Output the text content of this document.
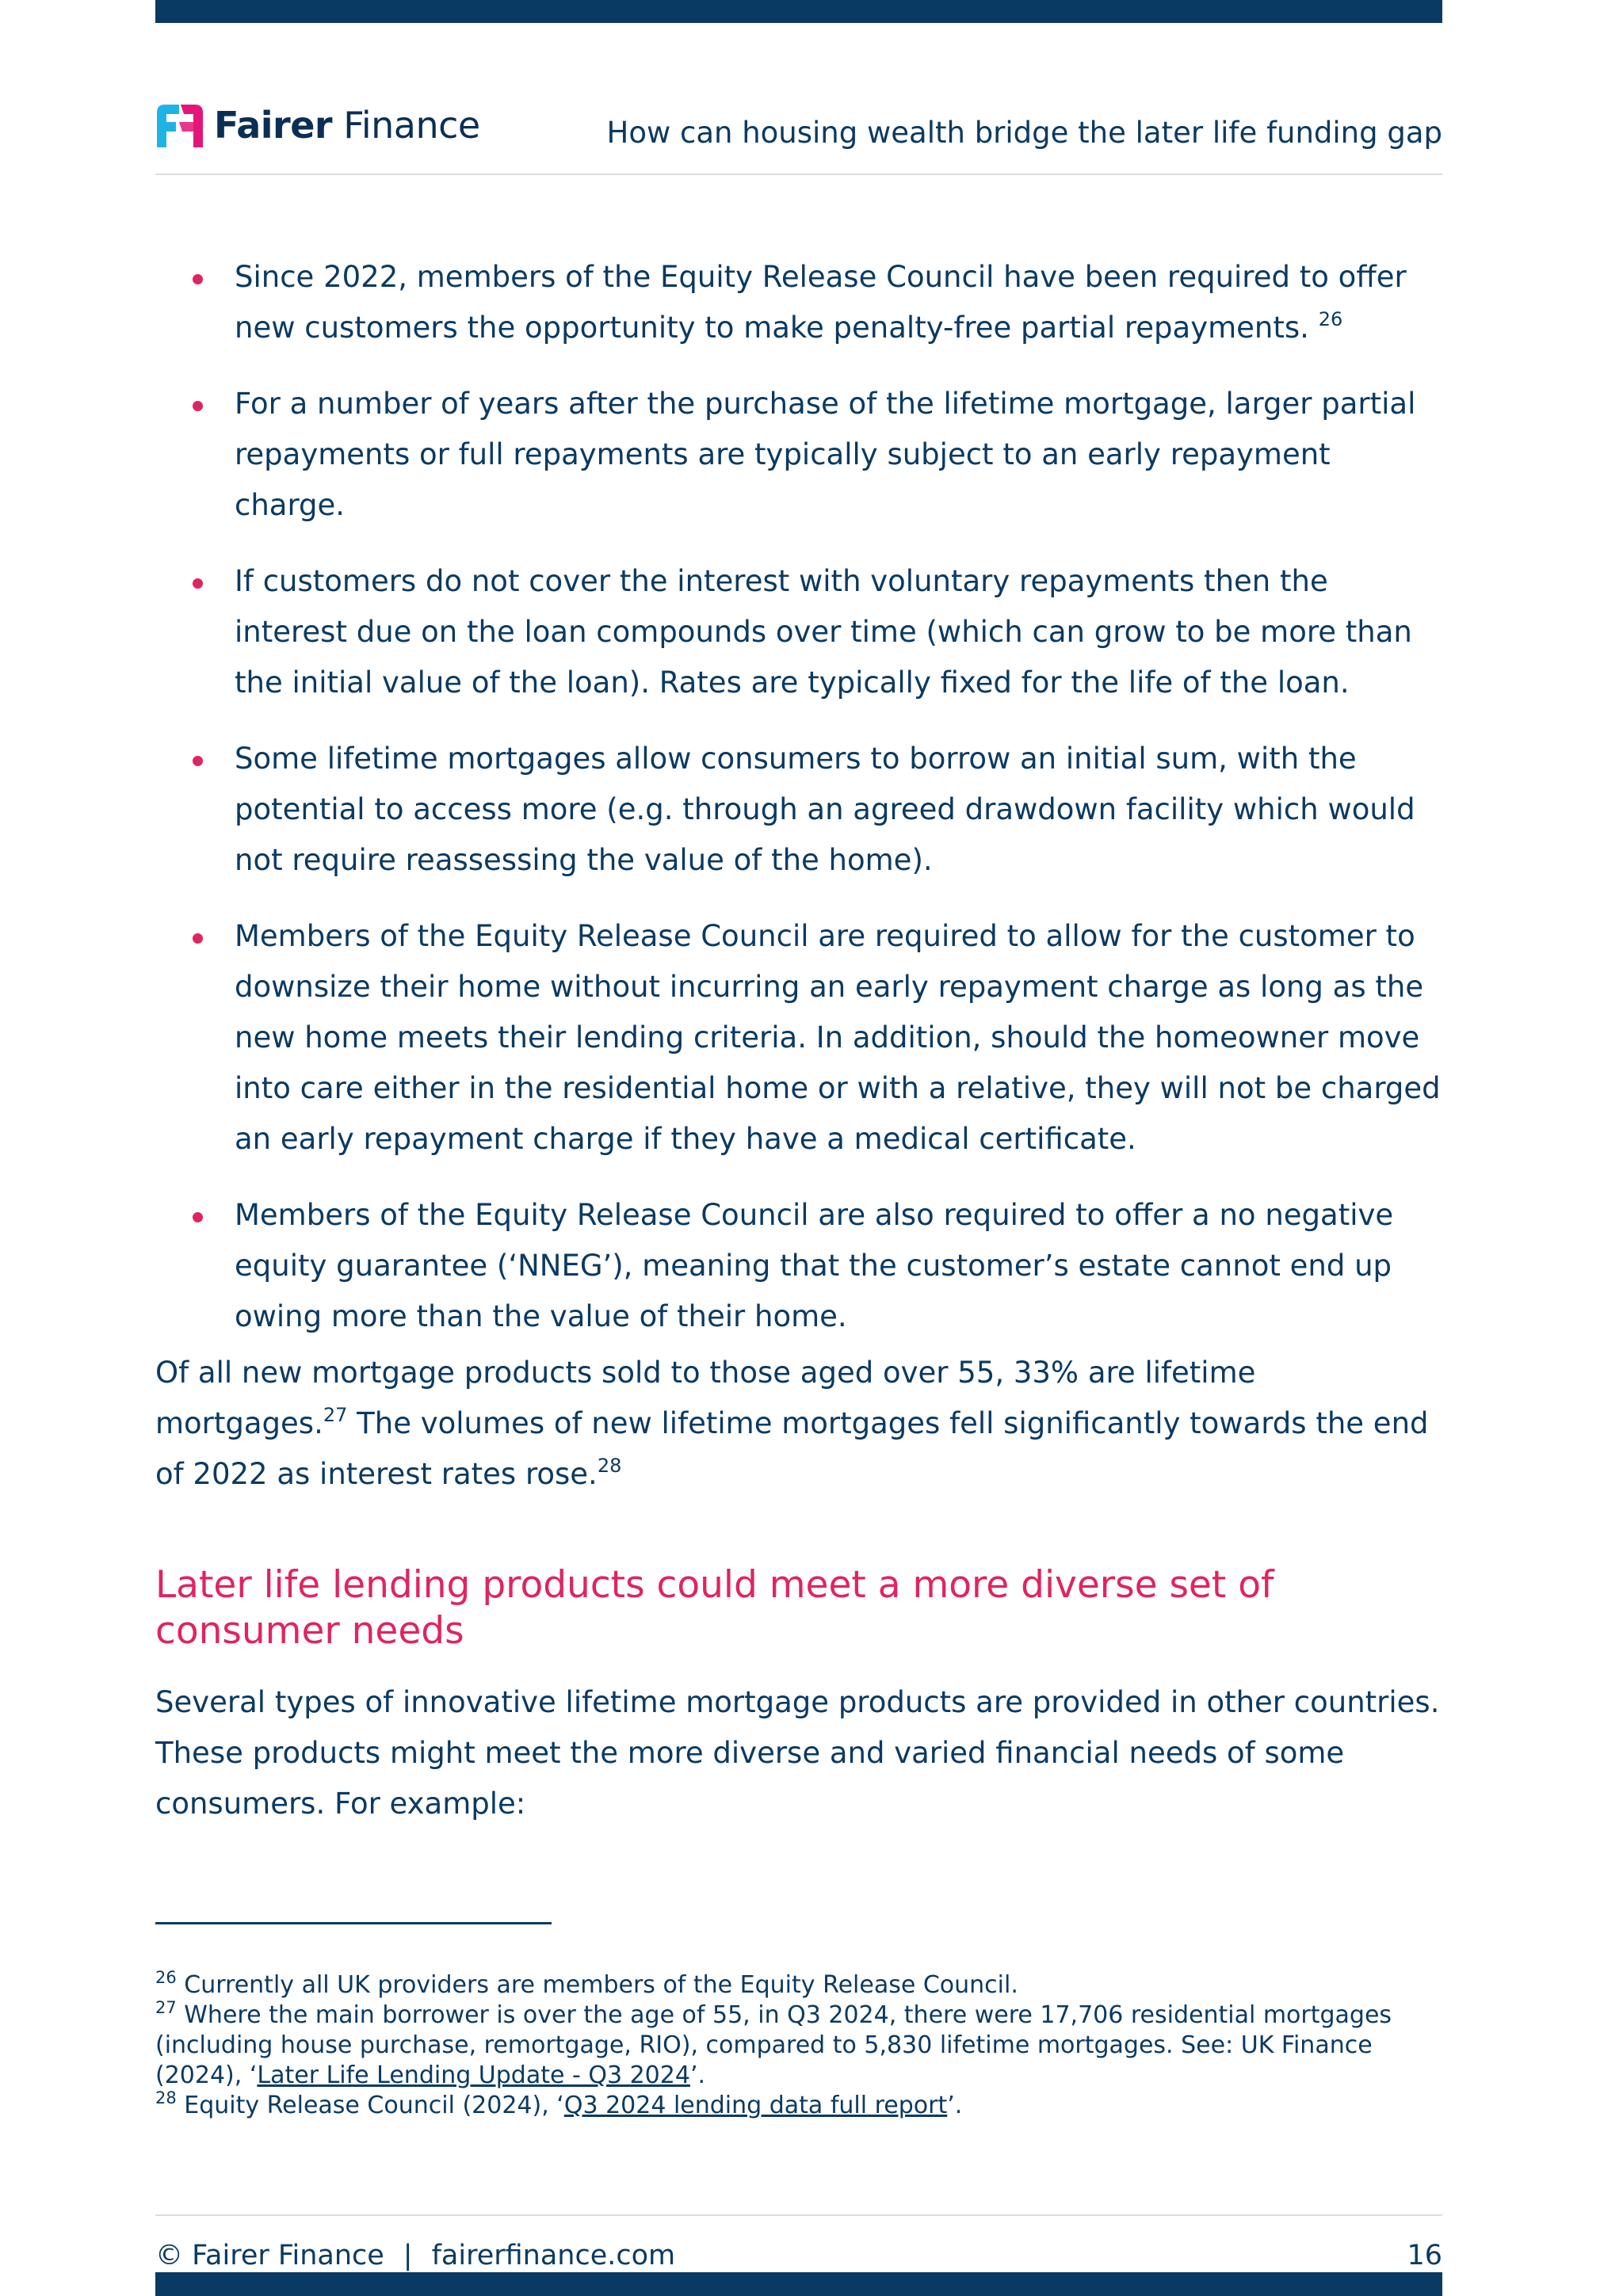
Fairer Finance	How can housing wealth bridge the later life funding gap
Since 2022, members of the Equity Release Council have been required to offer new customers the opportunity to make penalty-free partial repayments. $^{26}$
For a number of years after the purchase of the lifetime mortgage, larger partial repayments or full repayments are typically subject to an early repayment charge.
If customers do not cover the interest with voluntary repayments then the interest due on the loan compounds over time (which can grow to be more than the initial value of the loan). Rates are typically fixed for the life of the loan.
Some lifetime mortgages allow consumers to borrow an initial sum, with the potential to access more (e.g. through an agreed drawdown facility which would not require reassessing the value of the home).
Members of the Equity Release Council are required to allow for the customer to downsize their home without incurring an early repayment charge as long as the new home meets their lending criteria. In addition, should the homeowner move into care either in the residential home or with a relative, they will not be charged an early repayment charge if they have a medical certificate.
Members of the Equity Release Council are also required to offer a no negative equity guarantee (‘NNEG’), meaning that the customer’s estate cannot end up owing more than the value of their home.

Of all new mortgage products sold to those aged over 55, 33% are lifetime mortgages.$^{27}$ The volumes of new lifetime mortgages fell significantly towards the end of 2022 as interest rates rose.$^{28}$

Later life lending products could meet a more diverse set of consumer needs

Several types of innovative lifetime mortgage products are provided in other countries. These products might meet the more diverse and varied financial needs of some consumers. For example:

$^{26}$ Currently all UK providers are members of the Equity Release Council.

$^{27}$ Where the main borrower is over the age of 55, in Q3 2024, there were 17,706 residential mortgages (including house purchase, remortgage, RIO), compared to 5,830 lifetime mortgages. See: UK Finance (2024), ‘Later Life Lending Update - Q3 2024’.

$^{28}$ Equity Release Council (2024), ‘Q3 2024 lending data full report’.

© Fairer Finance | fairerfinance.com	16
